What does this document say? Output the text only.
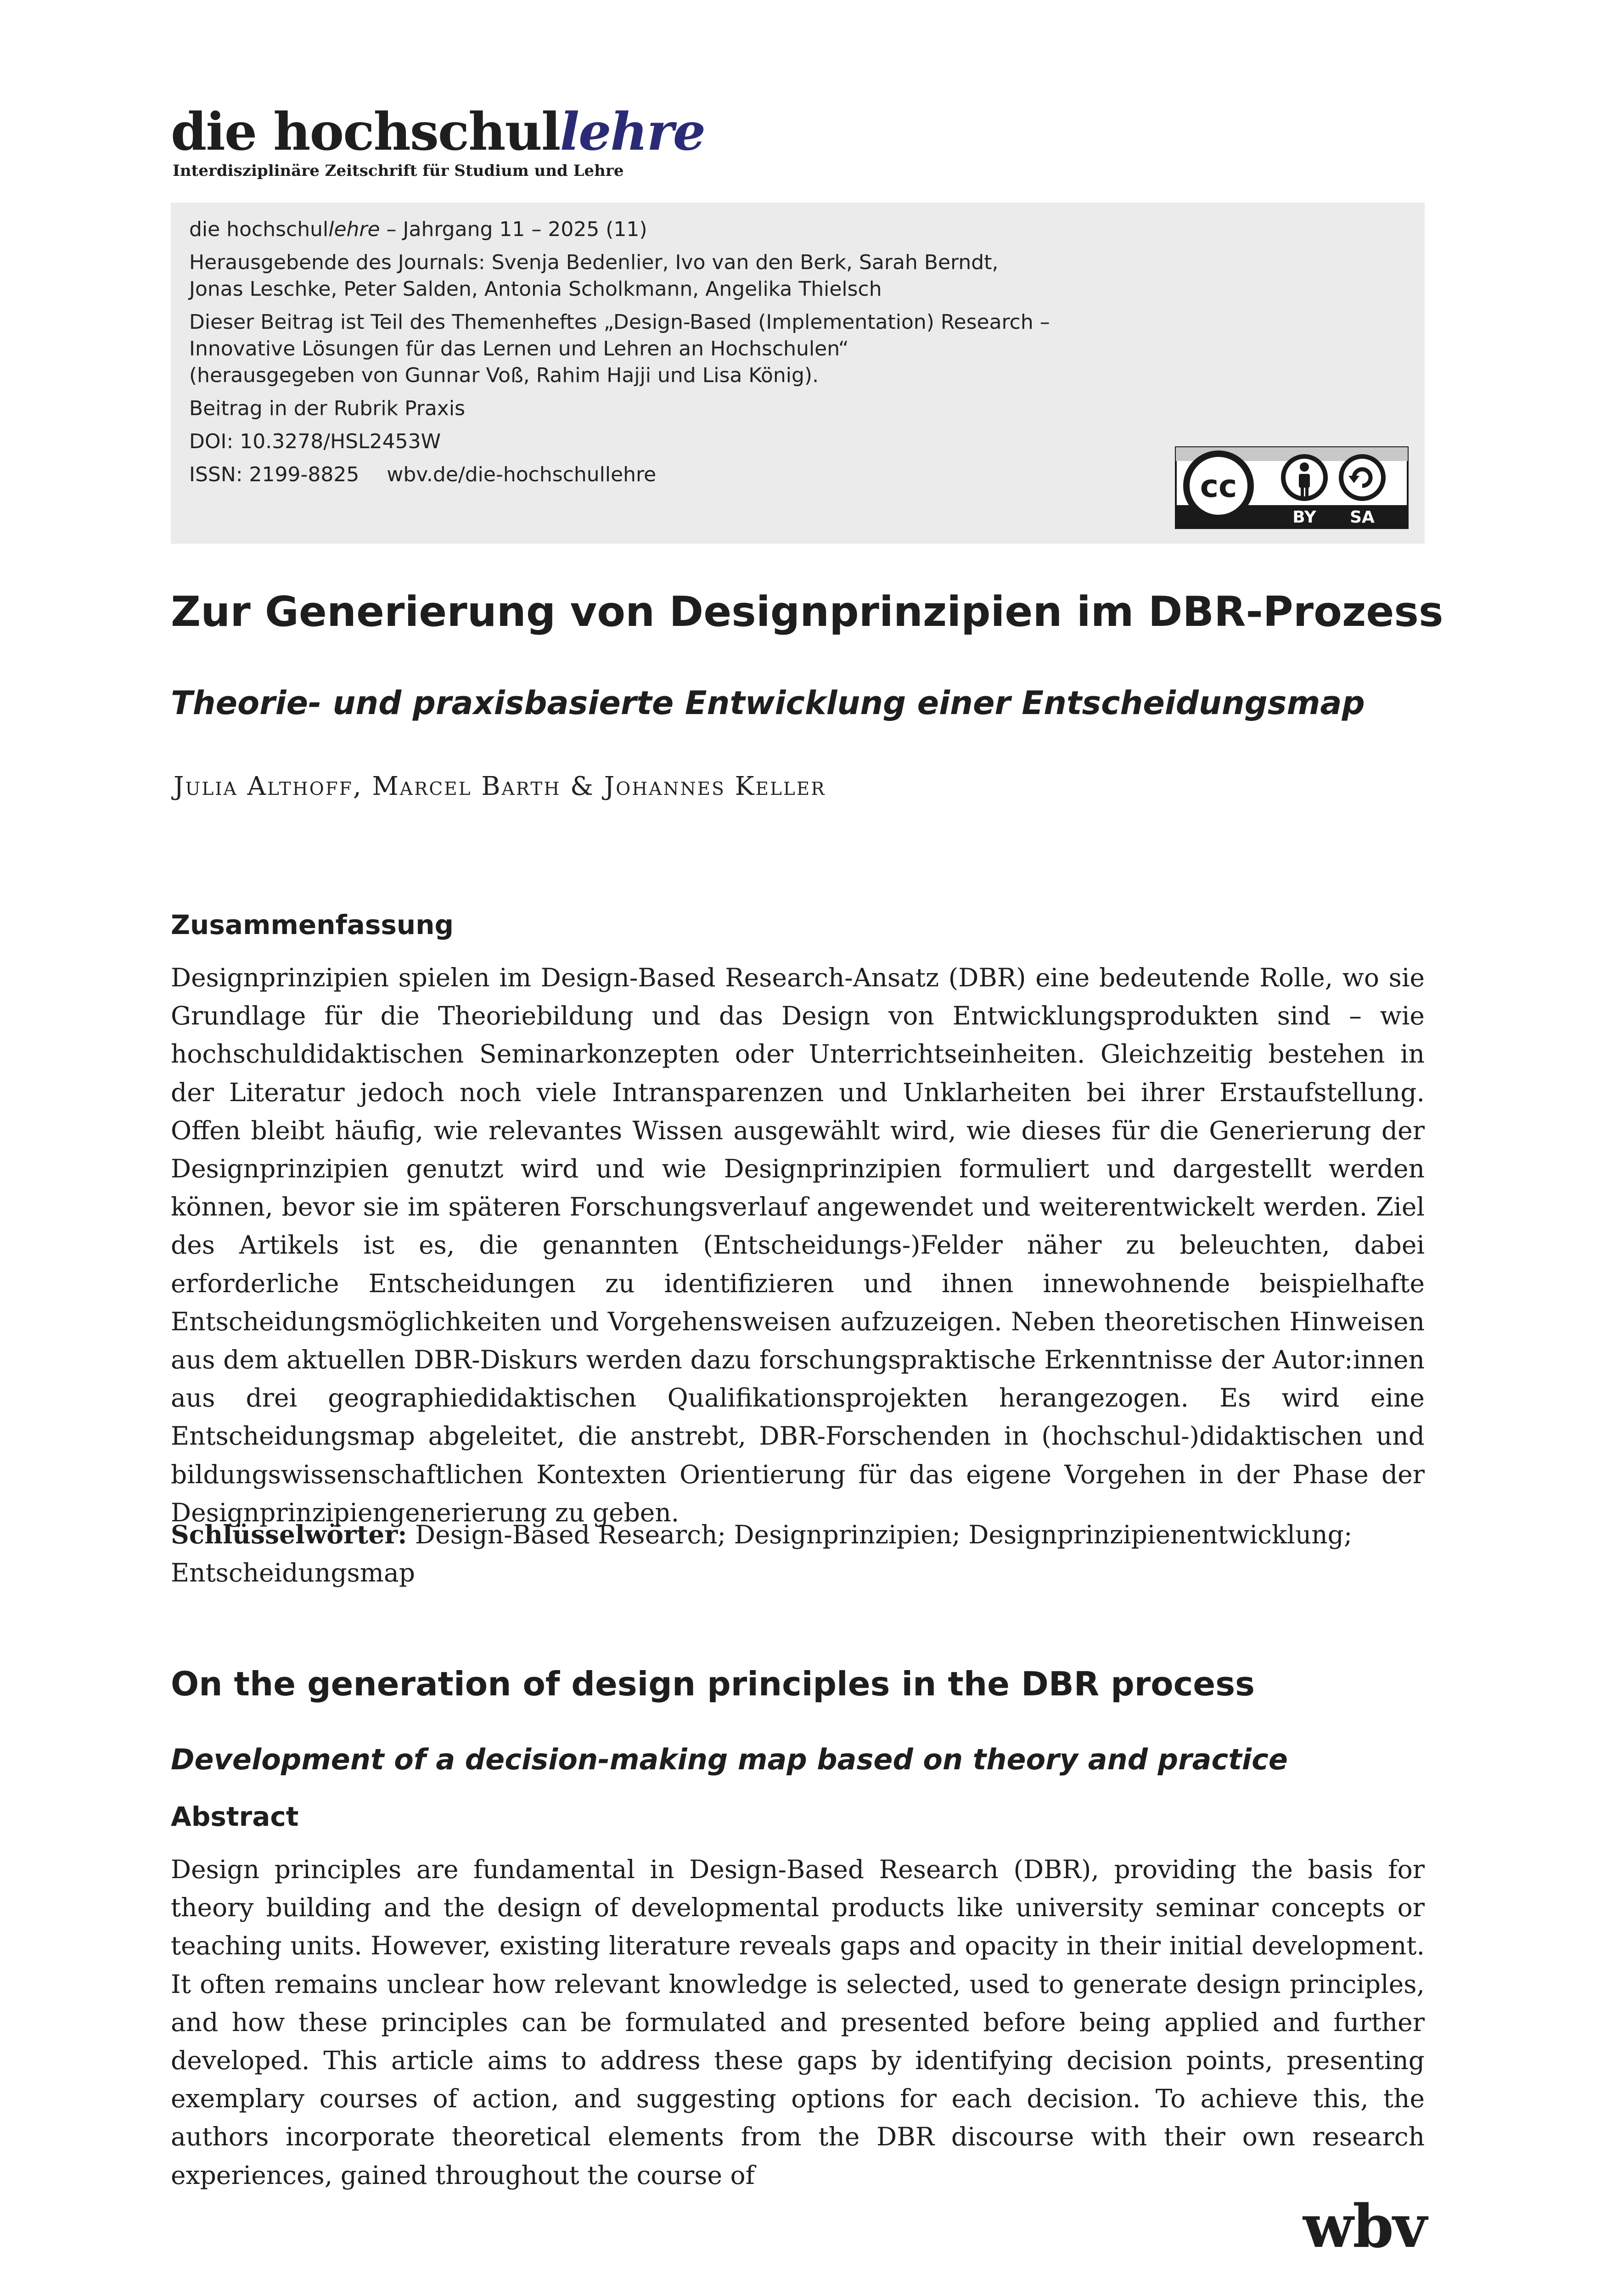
die hochschullehre
Interdisziplinäre Zeitschrift für Studium und Lehre
die hochschullehre – Jahrgang 11 – 2025 (11)
Herausgebende des Journals: Svenja Bedenlier, Ivo van den Berk, Sarah Berndt,
Jonas Leschke, Peter Salden, Antonia Scholkmann, Angelika Thielsch
Dieser Beitrag ist Teil des Themenheftes „Design-Based (Implementation) Research –
Innovative Lösungen für das Lernen und Lehren an Hochschulen“
(herausgegeben von Gunnar Voß, Rahim Hajji und Lisa König).
Beitrag in der Rubrik Praxis
DOI: 10.3278/HSL2453W
ISSN: 2199-8825 wbv.de/die-hochschullehre	cc
BY SA
Zur Generierung von Designprinzipien im DBR-Prozess
Theorie- und praxisbasierte Entwicklung einer Entscheidungsmap
Julia Althoff, Marcel Barth & Johannes Keller
Zusammenfassung
Designprinzipien spielen im Design-Based Research-Ansatz (DBR) eine bedeutende Rolle, wo sie Grundlage für die Theoriebildung und das Design von Entwicklungsprodukten sind – wie hochschuldidaktischen Seminarkonzepten oder Unterrichtseinheiten. Gleichzeitig bestehen in der Literatur jedoch noch viele Intransparenzen und Unklarheiten bei ihrer Erstaufstellung. Offen bleibt häufig, wie relevantes Wissen ausgewählt wird, wie dieses für die Generierung der Designprinzipien genutzt wird und wie Designprinzipien formuliert und dargestellt werden können, bevor sie im späteren Forschungsverlauf angewendet und weiterentwickelt werden. Ziel des Artikels ist es, die genannten (Entscheidungs-)Felder näher zu beleuchten, dabei erforderliche Entscheidungen zu identifizieren und ihnen innewohnende beispielhafte Entscheidungsmöglichkeiten und Vorgehensweisen aufzuzeigen. Neben theoretischen Hinweisen aus dem aktuellen DBR-Diskurs werden dazu forschungspraktische Erkenntnisse der Autor:innen aus drei geographiedidaktischen Qualifikationsprojekten herangezogen. Es wird eine Entscheidungsmap abgeleitet, die anstrebt, DBR-Forschenden in (hochschul-)didaktischen und bildungswissenschaftlichen Kontexten Orientierung für das eigene Vorgehen in der Phase der Designprinzipiengenerierung zu geben.
Schlüsselwörter: Design-Based Research; Designprinzipien; Designprinzipienentwicklung; Entscheidungsmap
On the generation of design principles in the DBR process
Development of a decision-making map based on theory and practice
Abstract
Design principles are fundamental in Design-Based Research (DBR), providing the basis for theory building and the design of developmental products like university seminar concepts or teaching units. However, existing literature reveals gaps and opacity in their initial development. It often remains unclear how relevant knowledge is selected, used to generate design principles, and how these principles can be formulated and presented before being applied and further developed. This article aims to address these gaps by identifying decision points, presenting exemplary courses of action, and suggesting options for each decision. To achieve this, the authors incorporate theoretical elements from the DBR discourse with their own research experiences, gained throughout the course of
wbv
